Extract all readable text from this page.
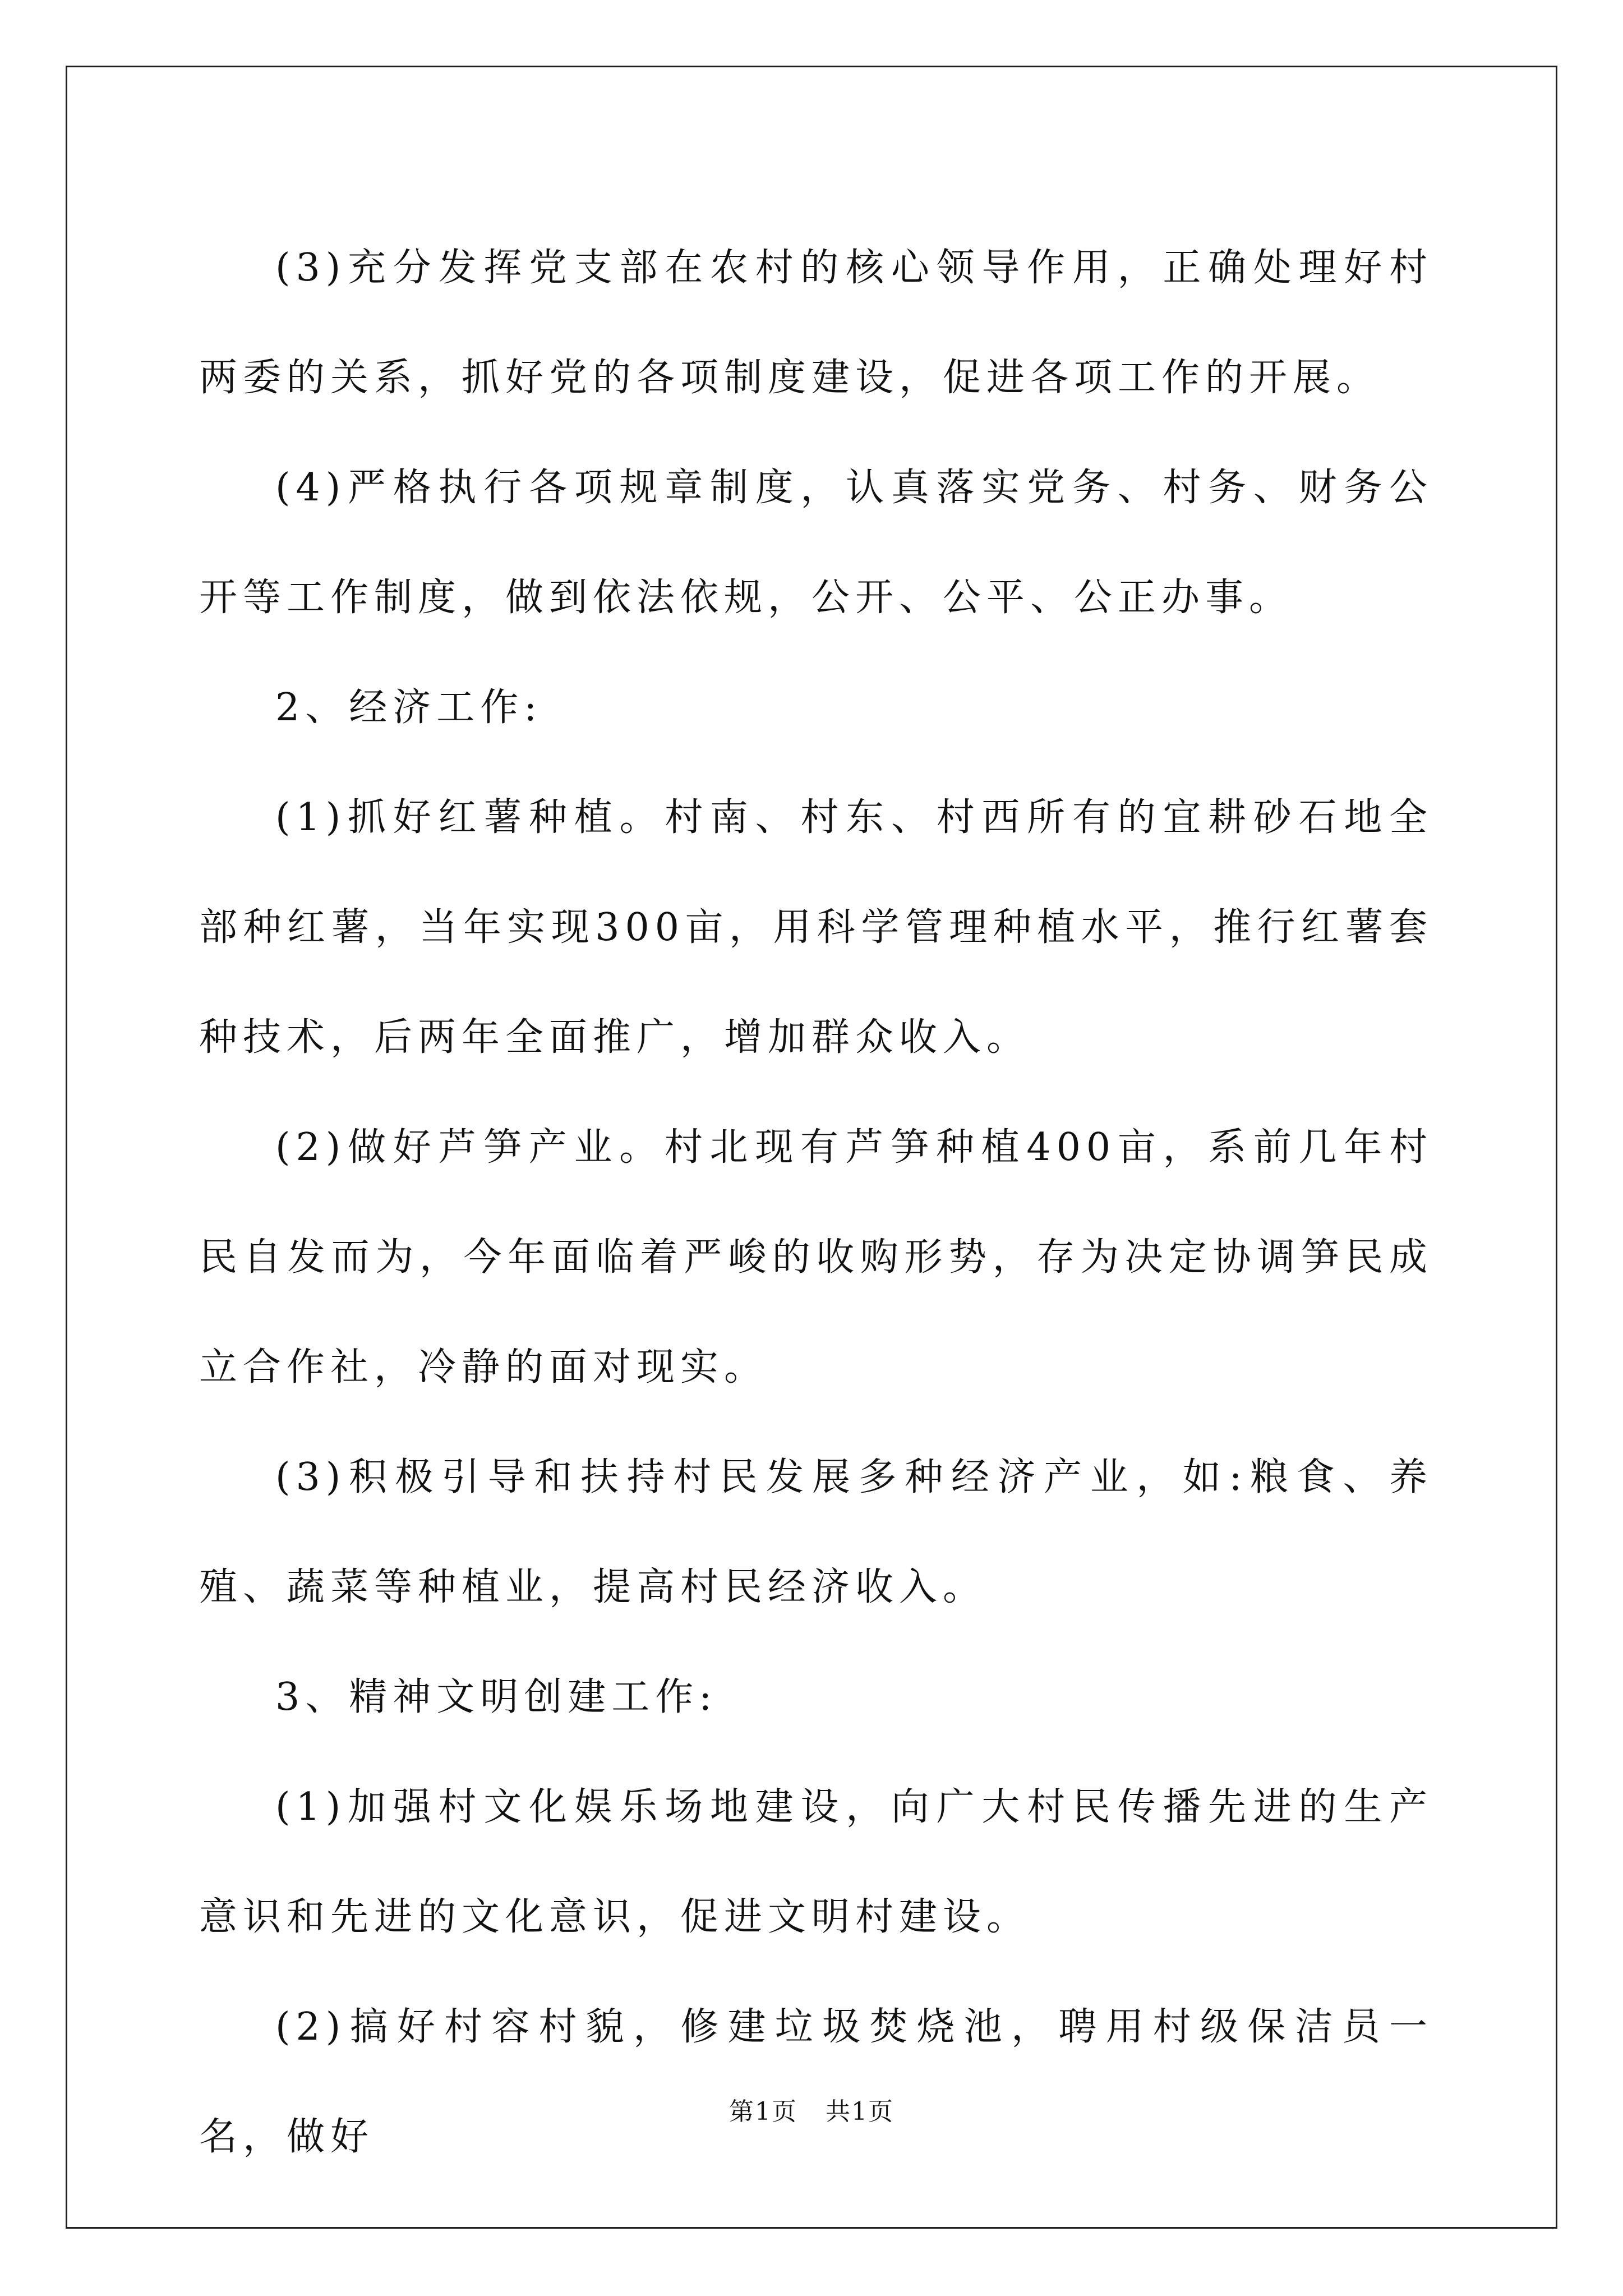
(3)充分发挥党支部在农村的核心领导作用，正确处理好村两委的关系，抓好党的各项制度建设，促进各项工作的开展。

(4)严格执行各项规章制度，认真落实党务、村务、财务公开等工作制度，做到依法依规，公开、公平、公正办事。

2、经济工作:

(1)抓好红薯种植。村南、村东、村西所有的宜耕砂石地全部种红薯，当年实现300亩，用科学管理种植水平，推行红薯套种技术，后两年全面推广，增加群众收入。

(2)做好芦笋产业。村北现有芦笋种植400亩，系前几年村民自发而为，今年面临着严峻的收购形势，存为决定协调笋民成立合作社，冷静的面对现实。

(3)积极引导和扶持村民发展多种经济产业，如:粮食、养殖、蔬菜等种植业，提高村民经济收入。

3、精神文明创建工作:

(1)加强村文化娱乐场地建设，向广大村民传播先进的生产意识和先进的文化意识，促进文明村建设。

(2)搞好村容村貌，修建垃圾焚烧池，聘用村级保洁员一名，做好

第1页 共1页
